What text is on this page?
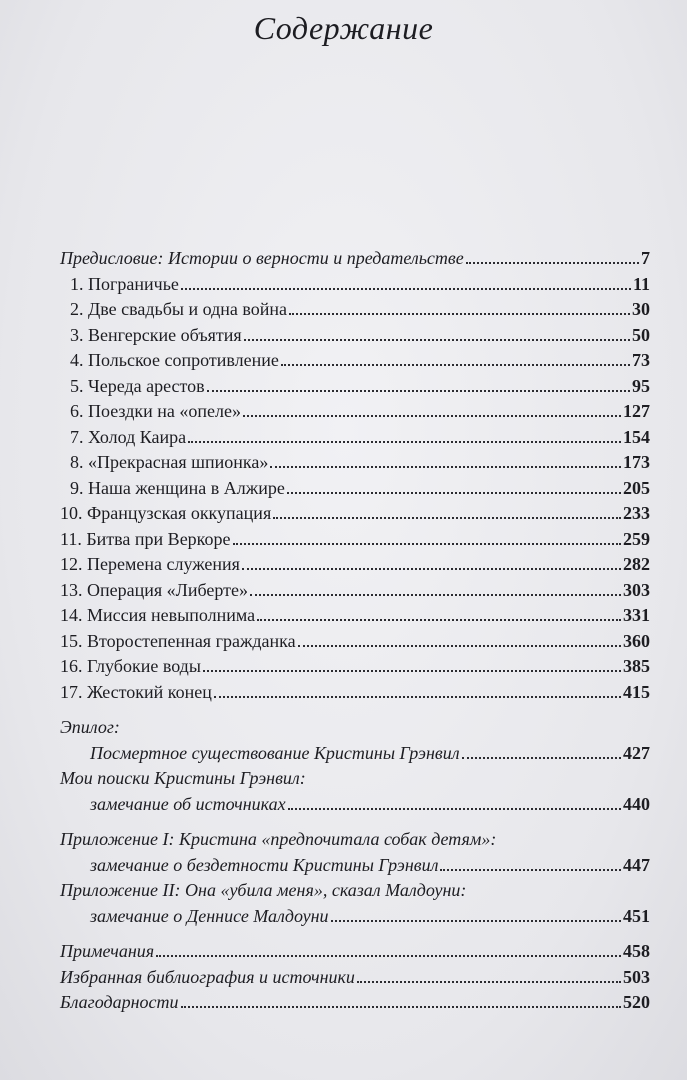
Содержание
Предисловие: Истории о верности и предательстве	7
1. Пограничье	11
2. Две свадьбы и одна война	30
3. Венгерские объятия	50
4. Польское сопротивление	73
5. Череда арестов	95
6. Поездки на «опеле»	127
7. Холод Каира	154
8. «Прекрасная шпионка»	173
9. Наша женщина в Алжире	205
10. Французская оккупация	233
11. Битва при Веркоре	259
12. Перемена служения	282
13. Операция «Либерте»	303
14. Миссия невыполнима	331
15. Второстепенная гражданка	360
16. Глубокие воды	385
17. Жестокий конец	415
Эпилог:
Посмертное существование Кристины Грэнвил	427
Мои поиски Кристины Грэнвил:
замечание об источниках	440
Приложение I: Кристина «предпочитала собак детям»:
замечание о бездетности Кристины Грэнвил	447
Приложение II: Она «убила меня», сказал Малдоуни:
замечание о Деннисе Малдоуни	451
Примечания	458
Избранная библиография и источники	503
Благодарности	520
